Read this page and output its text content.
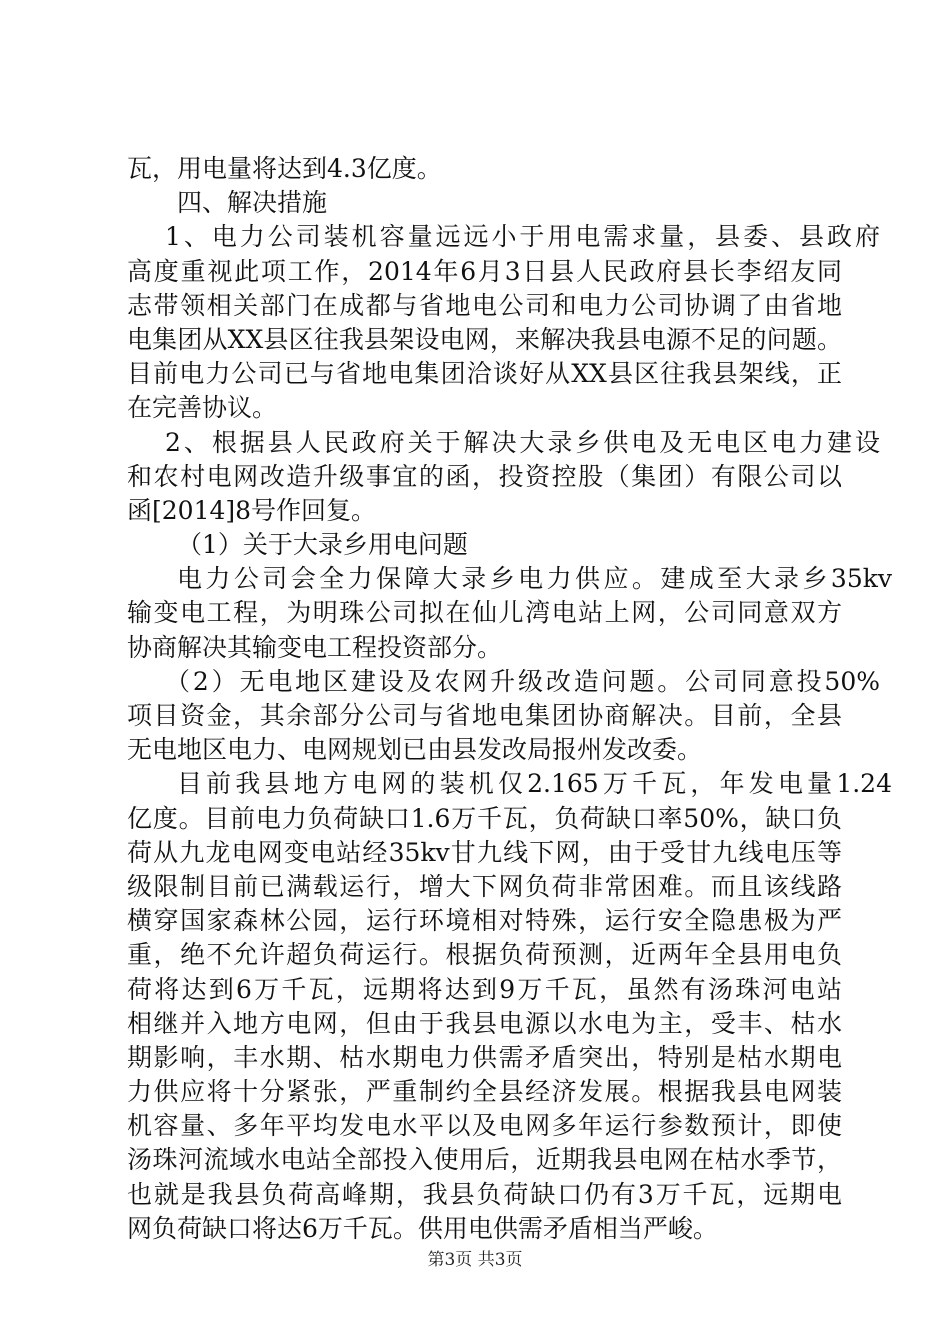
瓦，用电量将达到4.3亿度。
四、解决措施
1、电力公司装机容量远远小于用电需求量，县委、县政府
高度重视此项工作，2014年6月3日县人民政府县长李绍友同
志带领相关部门在成都与省地电公司和电力公司协调了由省地
电集团从XX县区往我县架设电网，来解决我县电源不足的问题。
目前电力公司已与省地电集团洽谈好从XX县区往我县架线，正
在完善协议。
2、根据县人民政府关于解决大录乡供电及无电区电力建设
和农村电网改造升级事宜的函，投资控股（集团）有限公司以
函[2014]8号作回复。
（1）关于大录乡用电问题
电力公司会全力保障大录乡电力供应。建成至大录乡35kv
输变电工程，为明珠公司拟在仙儿湾电站上网，公司同意双方
协商解决其输变电工程投资部分。
（2）无电地区建设及农网升级改造问题。公司同意投50%
项目资金，其余部分公司与省地电集团协商解决。目前，全县
无电地区电力、电网规划已由县发改局报州发改委。
目前我县地方电网的装机仅2.165万千瓦，年发电量1.24
亿度。目前电力负荷缺口1.6万千瓦，负荷缺口率50%，缺口负
荷从九龙电网变电站经35kv甘九线下网，由于受甘九线电压等
级限制目前已满载运行，增大下网负荷非常困难。而且该线路
横穿国家森林公园，运行环境相对特殊，运行安全隐患极为严
重，绝不允许超负荷运行。根据负荷预测，近两年全县用电负
荷将达到6万千瓦，远期将达到9万千瓦，虽然有汤珠河电站
相继并入地方电网，但由于我县电源以水电为主，受丰、枯水
期影响，丰水期、枯水期电力供需矛盾突出，特别是枯水期电
力供应将十分紧张，严重制约全县经济发展。根据我县电网装
机容量、多年平均发电水平以及电网多年运行参数预计，即使
汤珠河流域水电站全部投入使用后，近期我县电网在枯水季节，
也就是我县负荷高峰期，我县负荷缺口仍有3万千瓦，远期电
网负荷缺口将达6万千瓦。供用电供需矛盾相当严峻。
第3页 共3页
